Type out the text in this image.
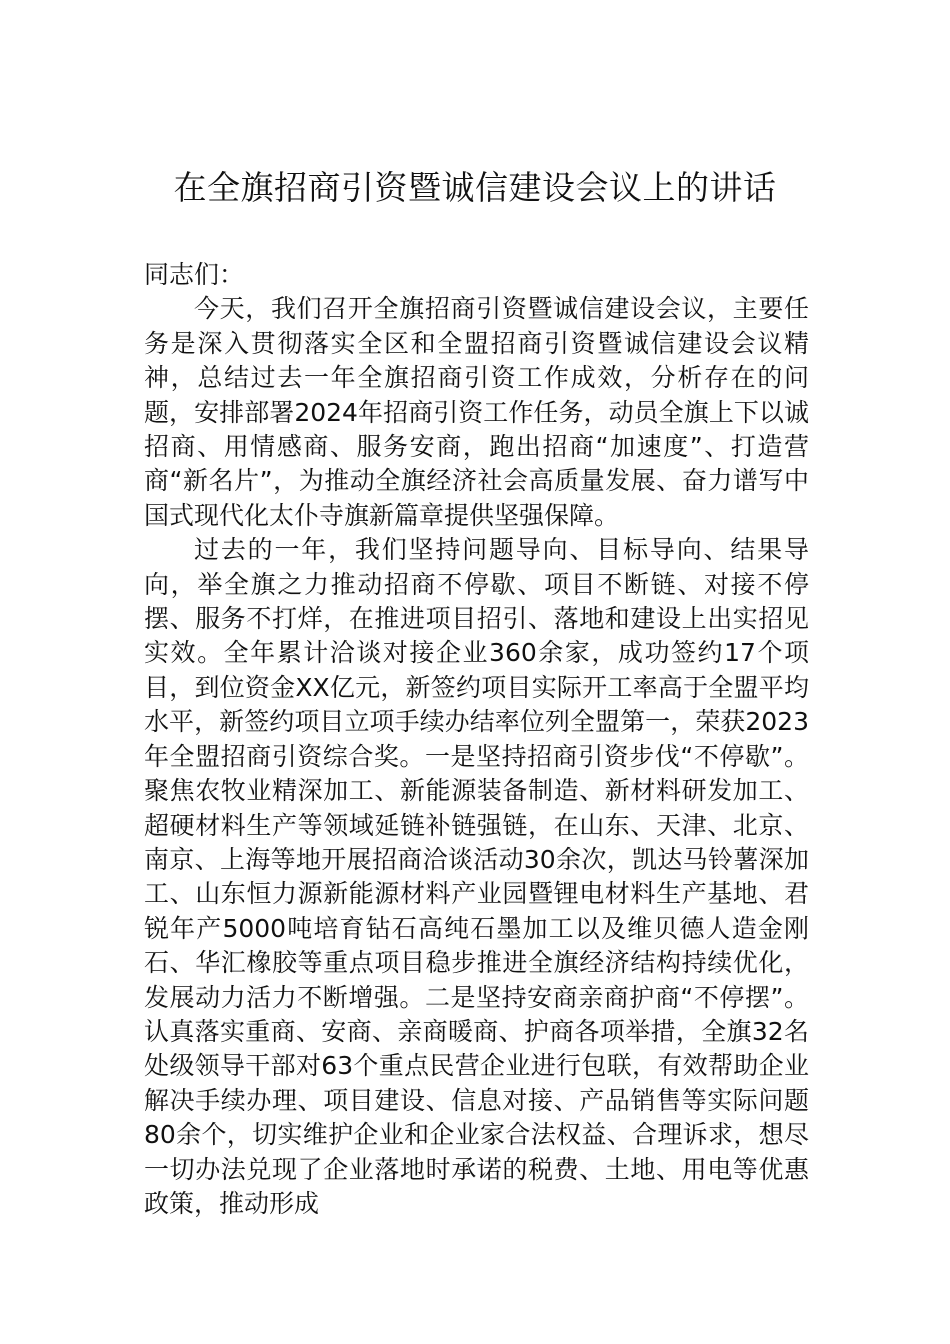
在全旗招商引资暨诚信建设会议上的讲话

同志们：

今天，我们召开全旗招商引资暨诚信建设会议，主要任务是深入贯彻落实全区和全盟招商引资暨诚信建设会议精神，总结过去一年全旗招商引资工作成效，分析存在的问题，安排部署2024年招商引资工作任务，动员全旗上下以诚招商、用情感商、服务安商，跑出招商“加速度”、打造营商“新名片”，为推动全旗经济社会高质量发展、奋力谱写中国式现代化太仆寺旗新篇章提供坚强保障。

过去的一年，我们坚持问题导向、目标导向、结果导向，举全旗之力推动招商不停歇、项目不断链、对接不停摆、服务不打烊，在推进项目招引、落地和建设上出实招见实效。全年累计洽谈对接企业360余家，成功签约17个项目，到位资金XX亿元，新签约项目实际开工率高于全盟平均水平，新签约项目立项手续办结率位列全盟第一，荣获2023年全盟招商引资综合奖。一是坚持招商引资步伐“不停歇”。聚焦农牧业精深加工、新能源装备制造、新材料研发加工、超硬材料生产等领域延链补链强链，在山东、天津、北京、南京、上海等地开展招商洽谈活动30余次，凯达马铃薯深加工、山东恒力源新能源材料产业园暨锂电材料生产基地、君锐年产5000吨培育钻石高纯石墨加工以及维贝德人造金刚石、华汇橡胶等重点项目稳步推进全旗经济结构持续优化，发展动力活力不断增强。二是坚持安商亲商护商“不停摆”。认真落实重商、安商、亲商暖商、护商各项举措，全旗32名处级领导干部对63个重点民营企业进行包联，有效帮助企业解决手续办理、项目建设、信息对接、产品销售等实际问题80余个，切实维护企业和企业家合法权益、合理诉求，想尽一切办法兑现了企业落地时承诺的税费、土地、用电等优惠政策，推动形成
